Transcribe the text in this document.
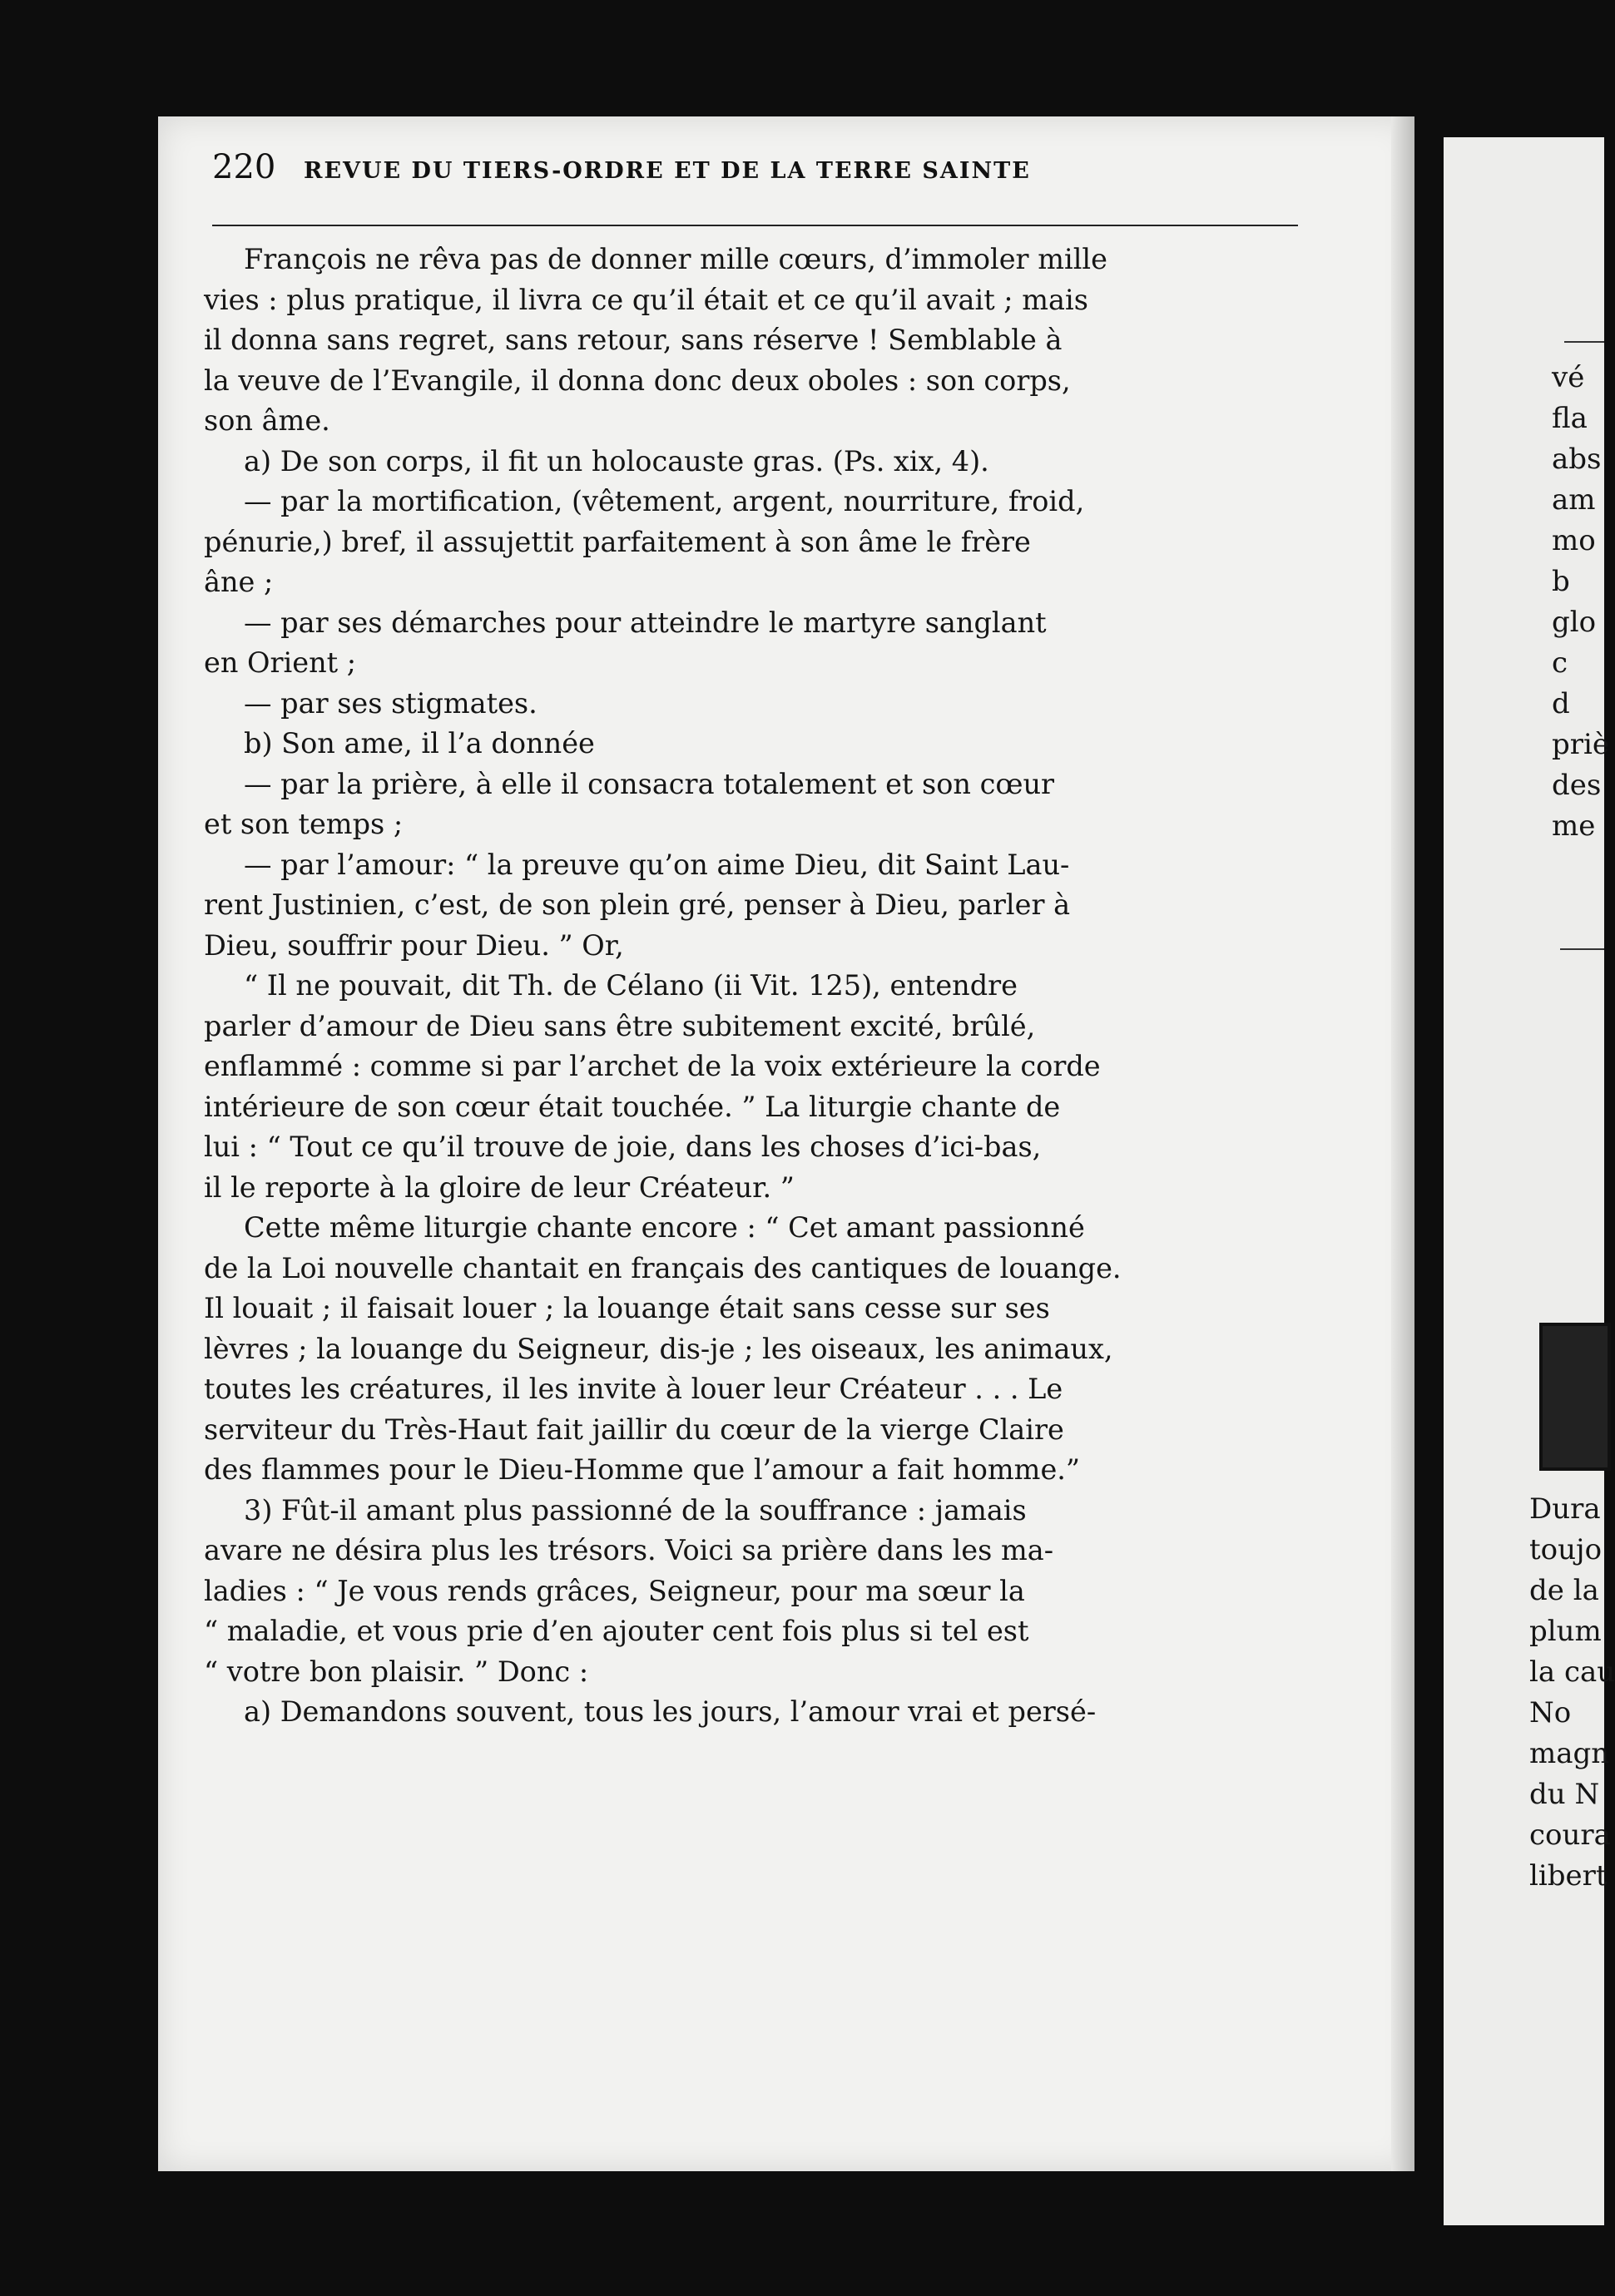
220 REVUE DU TIERS-ORDRE ET DE LA TERRE SAINTE

François ne rêva pas de donner mille cœurs, d’immoler mille

vies : plus pratique, il livra ce qu’il était et ce qu’il avait ; mais

il donna sans regret, sans retour, sans réserve ! Semblable à

la veuve de l’Evangile, il donna donc deux oboles : son corps,

son âme.

a) De son corps, il fit un holocauste gras. (Ps. xix, 4).

— par la mortification, (vêtement, argent, nourriture, froid,

pénurie,) bref, il assujettit parfaitement à son âme le frère

âne ;

— par ses démarches pour atteindre le martyre sanglant

en Orient ;

— par ses stigmates.

b) Son ame, il l’a donnée

— par la prière, à elle il consacra totalement et son cœur

et son temps ;

— par l’amour: “ la preuve qu’on aime Dieu, dit Saint Lau-

rent Justinien, c’est, de son plein gré, penser à Dieu, parler à

Dieu, souffrir pour Dieu. ” Or,

“ Il ne pouvait, dit Th. de Célano (ii Vit. 125), entendre

parler d’amour de Dieu sans être subitement excité, brûlé,

enflammé : comme si par l’archet de la voix extérieure la corde

intérieure de son cœur était touchée. ” La liturgie chante de

lui : “ Tout ce qu’il trouve de joie, dans les choses d’ici-bas,

il le reporte à la gloire de leur Créateur. ”

Cette même liturgie chante encore : “ Cet amant passionné

de la Loi nouvelle chantait en français des cantiques de louange.

Il louait ; il faisait louer ; la louange était sans cesse sur ses

lèvres ; la louange du Seigneur, dis-je ; les oiseaux, les animaux,

toutes les créatures, il les invite à louer leur Créateur . . . Le

serviteur du Très-Haut fait jaillir du cœur de la vierge Claire

des flammes pour le Dieu-Homme que l’amour a fait homme.”

3) Fût-il amant plus passionné de la souffrance : jamais

avare ne désira plus les trésors. Voici sa prière dans les ma-

ladies : “ Je vous rends grâces, Seigneur, pour ma sœur la

“ maladie, et vous prie d’en ajouter cent fois plus si tel est

“ votre bon plaisir. ” Donc :

a) Demandons souvent, tous les jours, l’amour vrai et persé-

vé
fla
abs
am
mo
b
glo
c
d
priè
des
me
Dura
toujo
de la
plum
la cau
No
magn
du N
coura
libert
